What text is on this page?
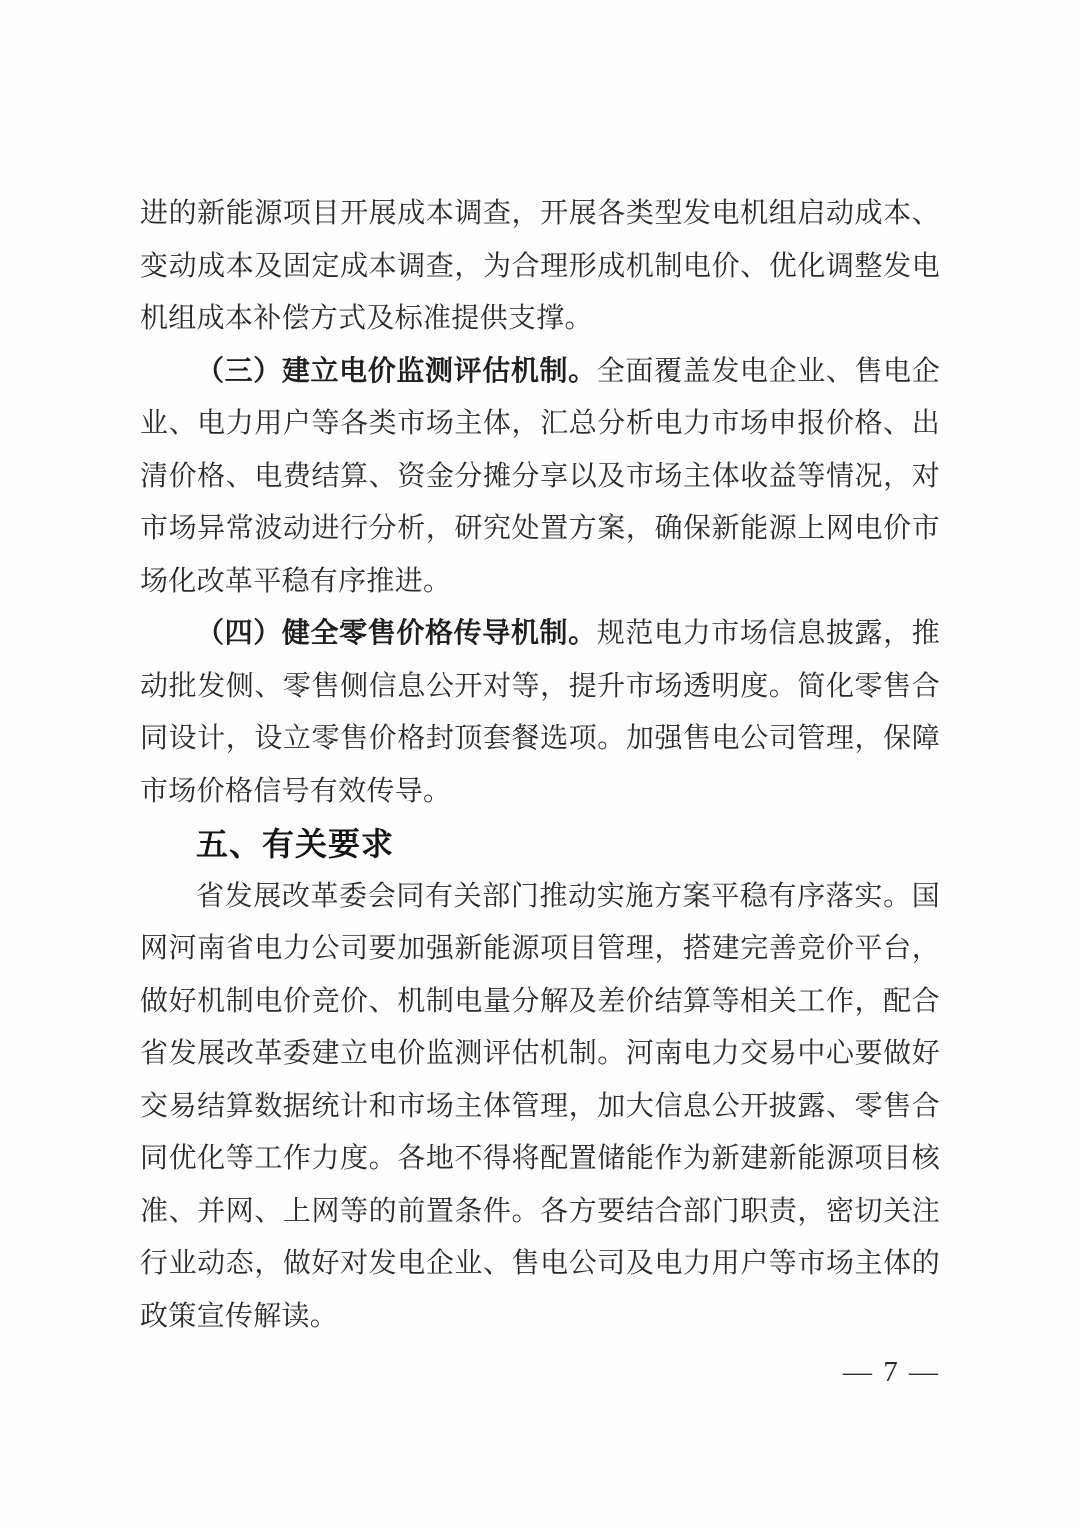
进的新能源项目开展成本调查，开展各类型发电机组启动成本、变动成本及固定成本调查，为合理形成机制电价、优化调整发电机组成本补偿方式及标准提供支撑。

（三）建立电价监测评估机制。全面覆盖发电企业、售电企业、电力用户等各类市场主体，汇总分析电力市场申报价格、出清价格、电费结算、资金分摊分享以及市场主体收益等情况，对市场异常波动进行分析，研究处置方案，确保新能源上网电价市场化改革平稳有序推进。

（四）健全零售价格传导机制。规范电力市场信息披露，推动批发侧、零售侧信息公开对等，提升市场透明度。简化零售合同设计，设立零售价格封顶套餐选项。加强售电公司管理，保障市场价格信号有效传导。

五、有关要求

省发展改革委会同有关部门推动实施方案平稳有序落实。国网河南省电力公司要加强新能源项目管理，搭建完善竞价平台，做好机制电价竞价、机制电量分解及差价结算等相关工作，配合省发展改革委建立电价监测评估机制。河南电力交易中心要做好交易结算数据统计和市场主体管理，加大信息公开披露、零售合同优化等工作力度。各地不得将配置储能作为新建新能源项目核准、并网、上网等的前置条件。各方要结合部门职责，密切关注行业动态，做好对发电企业、售电公司及电力用户等市场主体的政策宣传解读。

— 7 —
